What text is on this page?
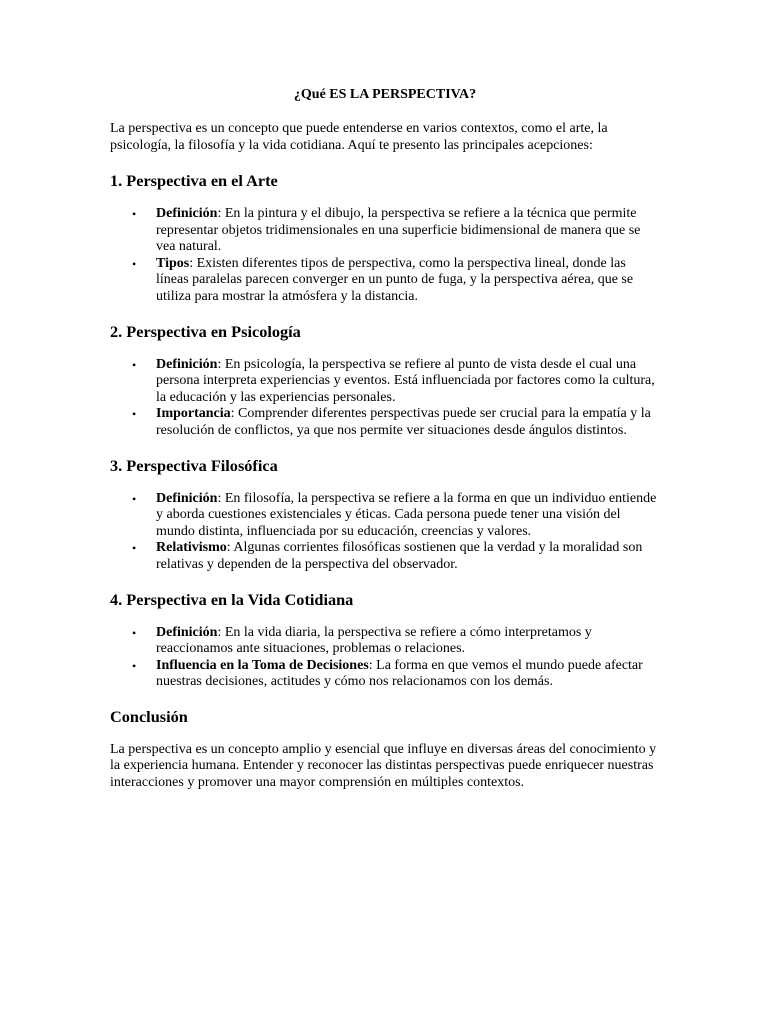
¿Qué ES LA PERSPECTIVA?

La perspectiva es un concepto que puede entenderse en varios contextos, como el arte, la psicología, la filosofía y la vida cotidiana. Aquí te presento las principales acepciones:

1. Perspectiva en el Arte
• Definición: En la pintura y el dibujo, la perspectiva se refiere a la técnica que permite representar objetos tridimensionales en una superficie bidimensional de manera que se vea natural.
• Tipos: Existen diferentes tipos de perspectiva, como la perspectiva lineal, donde las líneas paralelas parecen converger en un punto de fuga, y la perspectiva aérea, que se utiliza para mostrar la atmósfera y la distancia.
2. Perspectiva en Psicología
• Definición: En psicología, la perspectiva se refiere al punto de vista desde el cual una persona interpreta experiencias y eventos. Está influenciada por factores como la cultura, la educación y las experiencias personales.
• Importancia: Comprender diferentes perspectivas puede ser crucial para la empatía y la resolución de conflictos, ya que nos permite ver situaciones desde ángulos distintos.
3. Perspectiva Filosófica
• Definición: En filosofía, la perspectiva se refiere a la forma en que un individuo entiende y aborda cuestiones existenciales y éticas. Cada persona puede tener una visión del mundo distinta, influenciada por su educación, creencias y valores.
• Relativismo: Algunas corrientes filosóficas sostienen que la verdad y la moralidad son relativas y dependen de la perspectiva del observador.
4. Perspectiva en la Vida Cotidiana
• Definición: En la vida diaria, la perspectiva se refiere a cómo interpretamos y reaccionamos ante situaciones, problemas o relaciones.
• Influencia en la Toma de Decisiones: La forma en que vemos el mundo puede afectar nuestras decisiones, actitudes y cómo nos relacionamos con los demás.
Conclusión

La perspectiva es un concepto amplio y esencial que influye en diversas áreas del conocimiento y la experiencia humana. Entender y reconocer las distintas perspectivas puede enriquecer nuestras interacciones y promover una mayor comprensión en múltiples contextos.
